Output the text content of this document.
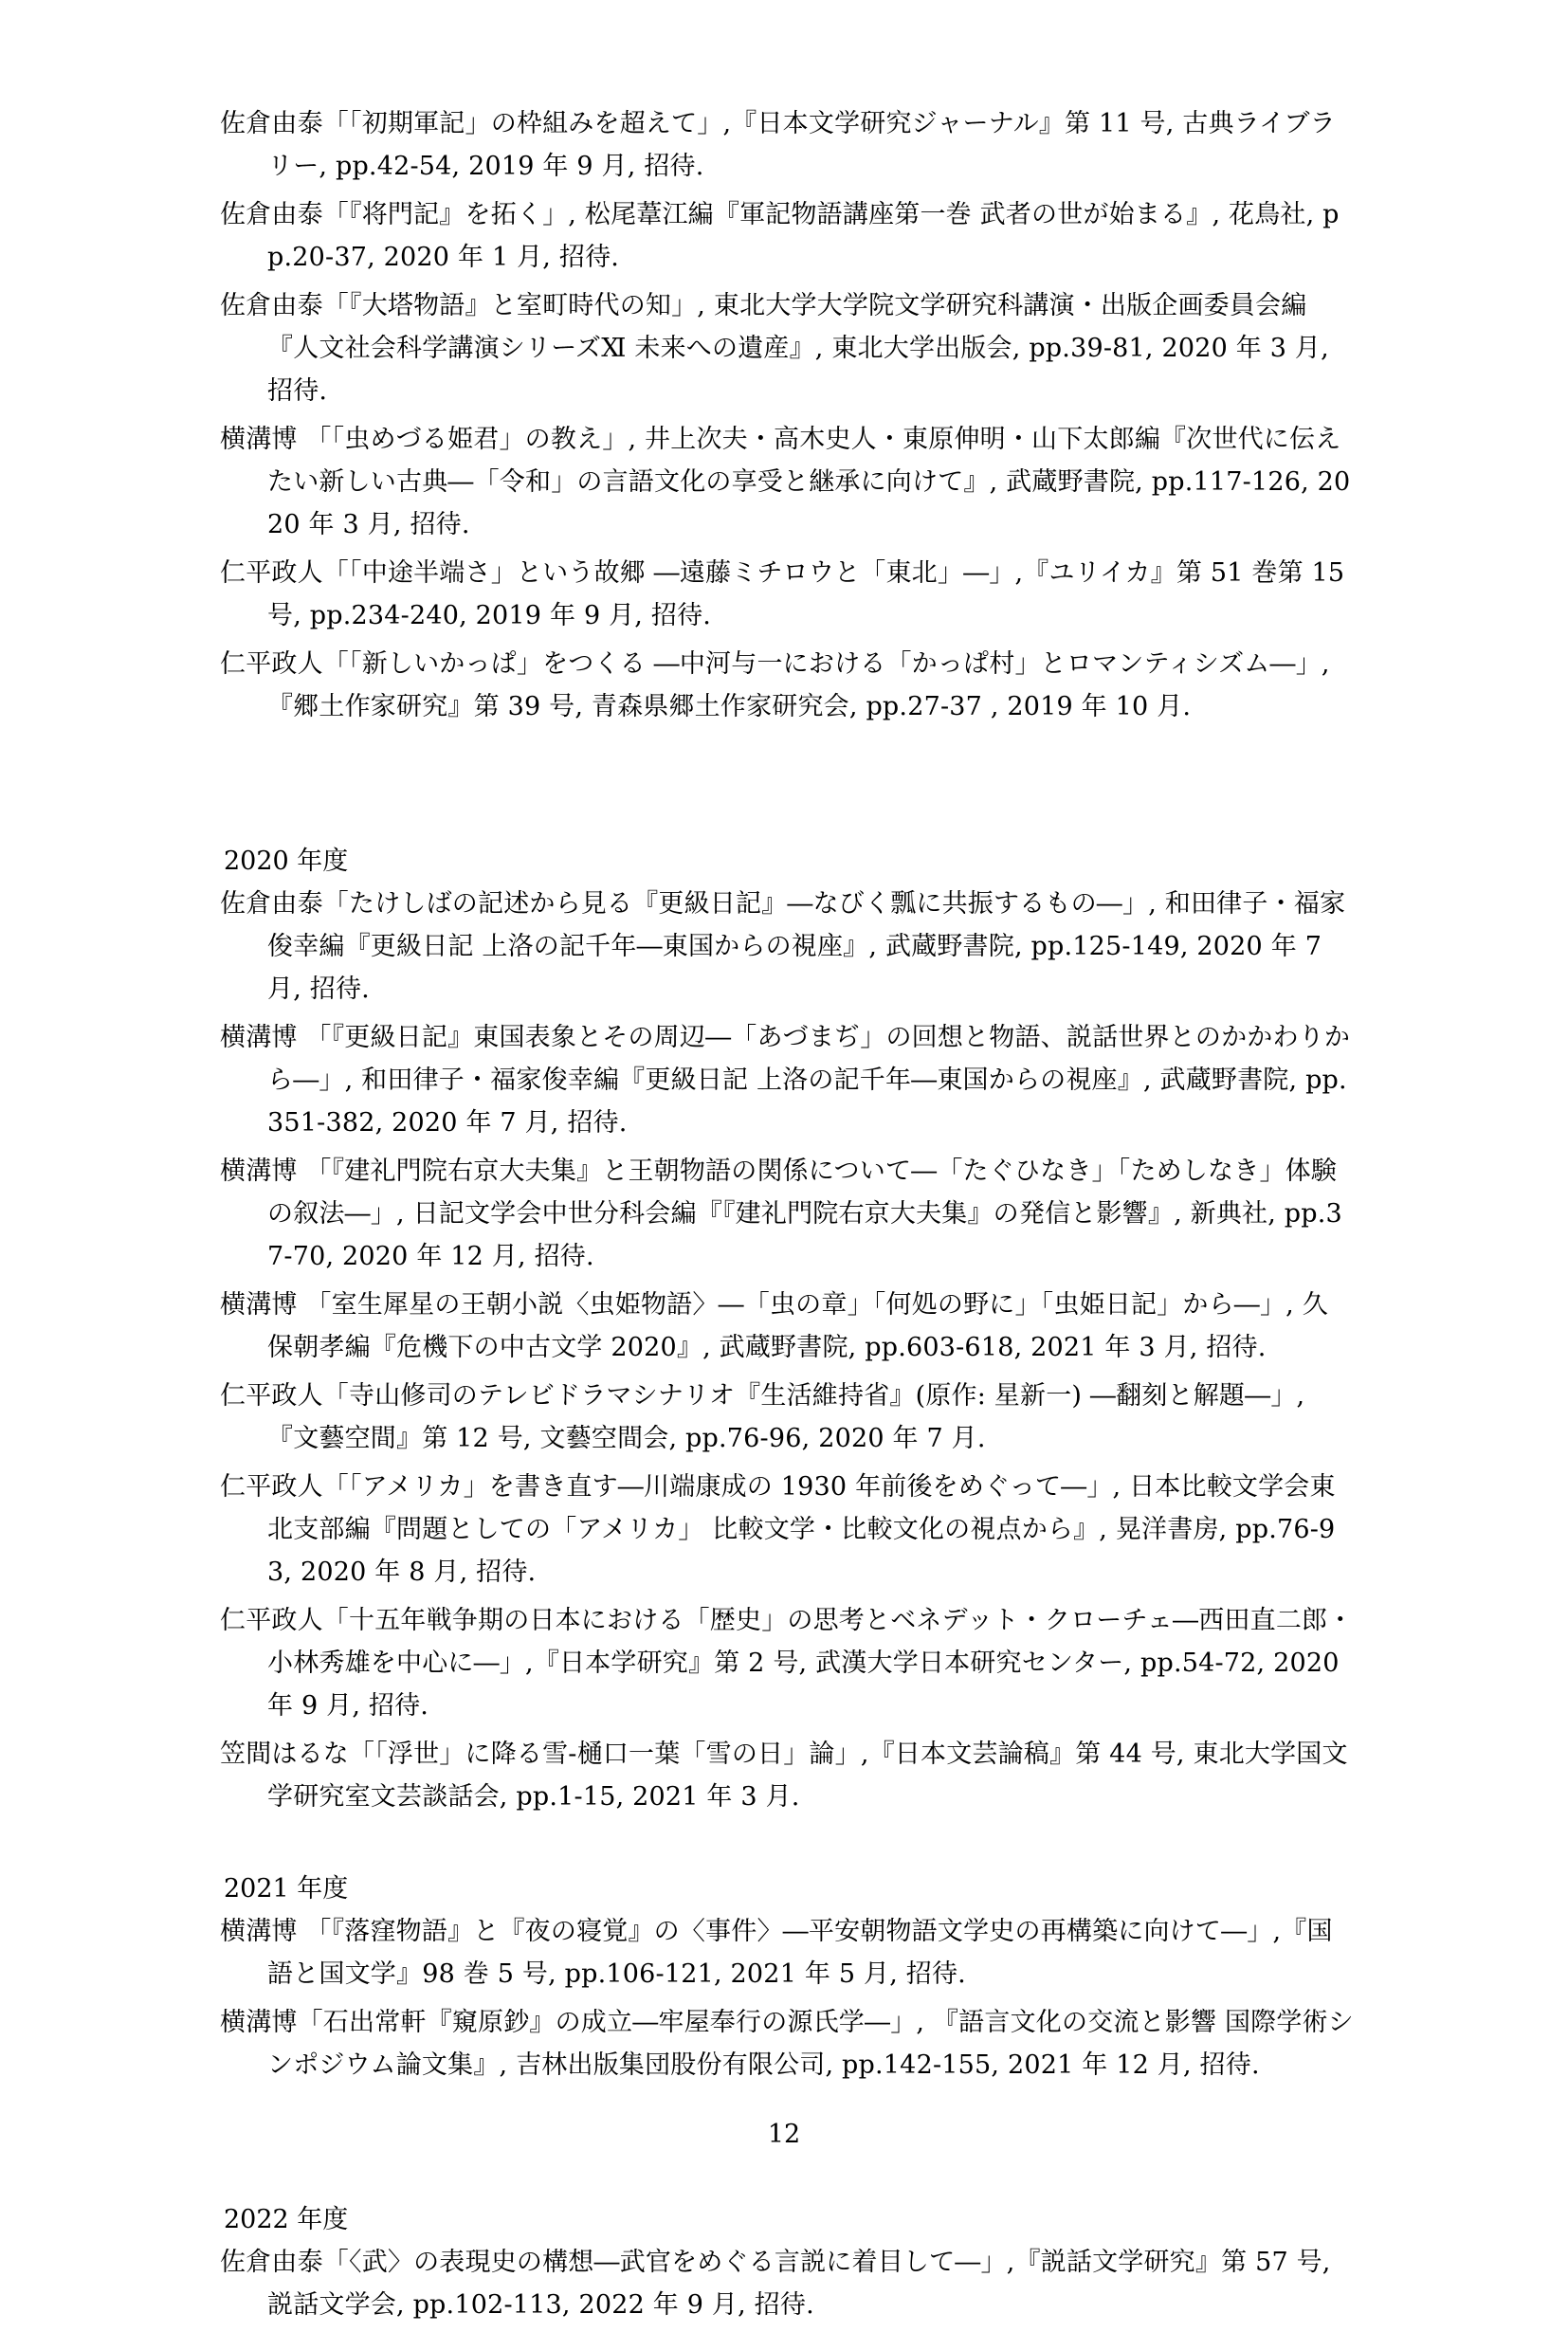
佐倉由泰「「初期軍記」の枠組みを超えて」,『日本文学研究ジャーナル』第 11 号, 古典ライブラリー, pp.42-54, 2019 年 9 月, 招待.

佐倉由泰「『将門記』を拓く」, 松尾葦江編『軍記物語講座第一巻 武者の世が始まる』, 花鳥社, pp.20-37, 2020 年 1 月, 招待.

佐倉由泰「『大塔物語』と室町時代の知」, 東北大学大学院文学研究科講演・出版企画委員会編『人文社会科学講演シリーズⅪ 未来への遺産』, 東北大学出版会, pp.39-81, 2020 年 3 月, 招待.

横溝博 「「虫めづる姫君」の教え」, 井上次夫・高木史人・東原伸明・山下太郎編『次世代に伝えたい新しい古典―「令和」の言語文化の享受と継承に向けて』, 武蔵野書院, pp.117-126, 2020 年 3 月, 招待.

仁平政人「「中途半端さ」という故郷 ―遠藤ミチロウと「東北」―」,『ユリイカ』第 51 巻第 15 号, pp.234-240, 2019 年 9 月, 招待.

仁平政人「「新しいかっぱ」をつくる ―中河与一における「かっぱ村」とロマンティシズム―」,『郷土作家研究』第 39 号, 青森県郷土作家研究会, pp.27-37 , 2019 年 10 月.

2020 年度

佐倉由泰「たけしばの記述から見る『更級日記』―なびく瓢に共振するもの―」, 和田律子・福家俊幸編『更級日記 上洛の記千年―東国からの視座』, 武蔵野書院, pp.125-149, 2020 年 7 月, 招待.

横溝博 「『更級日記』東国表象とその周辺―「あづまぢ」の回想と物語、説話世界とのかかわりから―」, 和田律子・福家俊幸編『更級日記 上洛の記千年―東国からの視座』, 武蔵野書院, pp.351-382, 2020 年 7 月, 招待.

横溝博 「『建礼門院右京大夫集』と王朝物語の関係について―「たぐひなき」「ためしなき」体験の叙法―」, 日記文学会中世分科会編『『建礼門院右京大夫集』の発信と影響』, 新典社, pp.37-70, 2020 年 12 月, 招待.

横溝博 「室生犀星の王朝小説〈虫姫物語〉―「虫の章」「何処の野に」「虫姫日記」から―」, 久保朝孝編『危機下の中古文学 2020』, 武蔵野書院, pp.603-618, 2021 年 3 月, 招待.

仁平政人「寺山修司のテレビドラマシナリオ『生活維持省』(原作: 星新一) ―翻刻と解題―」,『文藝空間』第 12 号, 文藝空間会, pp.76-96, 2020 年 7 月.

仁平政人「「アメリカ」を書き直す―川端康成の 1930 年前後をめぐって―」, 日本比較文学会東北支部編『問題としての「アメリカ」 比較文学・比較文化の視点から』, 晃洋書房, pp.76-93, 2020 年 8 月, 招待.

仁平政人「十五年戦争期の日本における「歴史」の思考とベネデット・クローチェ―西田直二郎・小林秀雄を中心に―」,『日本学研究』第 2 号, 武漢大学日本研究センター, pp.54-72, 2020 年 9 月, 招待.

笠間はるな「「浮世」に降る雪-樋口一葉「雪の日」論」,『日本文芸論稿』第 44 号, 東北大学国文学研究室文芸談話会, pp.1-15, 2021 年 3 月.

2021 年度

横溝博 「『落窪物語』と『夜の寝覚』の〈事件〉―平安朝物語文学史の再構築に向けて―」,『国語と国文学』98 巻 5 号, pp.106-121, 2021 年 5 月, 招待.

横溝博「石出常軒『窺原鈔』の成立―牢屋奉行の源氏学―」, 『語言文化の交流と影響 国際学術シンポジウム論文集』, 吉林出版集団股份有限公司, pp.142-155, 2021 年 12 月, 招待.

2022 年度

佐倉由泰「〈武〉の表現史の構想―武官をめぐる言説に着目して―」,『説話文学研究』第 57 号, 説話文学会, pp.102-113, 2022 年 9 月, 招待.

12
